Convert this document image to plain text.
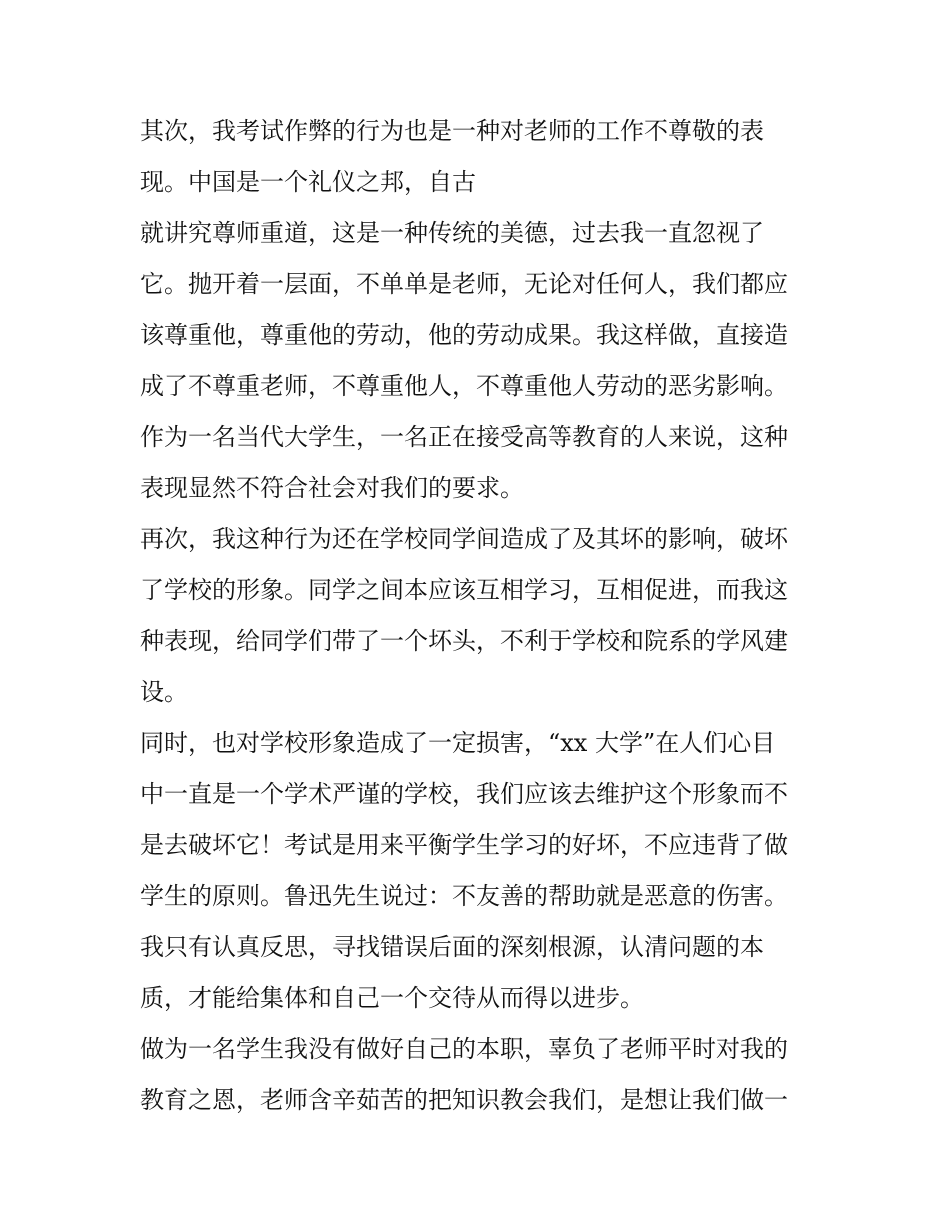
其次，我考试作弊的行为也是一种对老师的工作不尊敬的表
现。中国是一个礼仪之邦，自古
就讲究尊师重道，这是一种传统的美德，过去我一直忽视了
它。抛开着一层面，不单单是老师，无论对任何人，我们都应
该尊重他，尊重他的劳动，他的劳动成果。我这样做，直接造
成了不尊重老师，不尊重他人，不尊重他人劳动的恶劣影响。
作为一名当代大学生，一名正在接受高等教育的人来说，这种
表现显然不符合社会对我们的要求。
再次，我这种行为还在学校同学间造成了及其坏的影响，破坏
了学校的形象。同学之间本应该互相学习，互相促进，而我这
种表现，给同学们带了一个坏头，不利于学校和院系的学风建
设。
同时，也对学校形象造成了一定损害，“xx 大学”在人们心目
中一直是一个学术严谨的学校，我们应该去维护这个形象而不
是去破坏它！考试是用来平衡学生学习的好坏，不应违背了做
学生的原则。鲁迅先生说过：不友善的帮助就是恶意的伤害。
我只有认真反思，寻找错误后面的深刻根源，认清问题的本
质，才能给集体和自己一个交待从而得以进步。
做为一名学生我没有做好自己的本职，辜负了老师平时对我的
教育之恩，老师含辛茹苦的把知识教会我们，是想让我们做一
